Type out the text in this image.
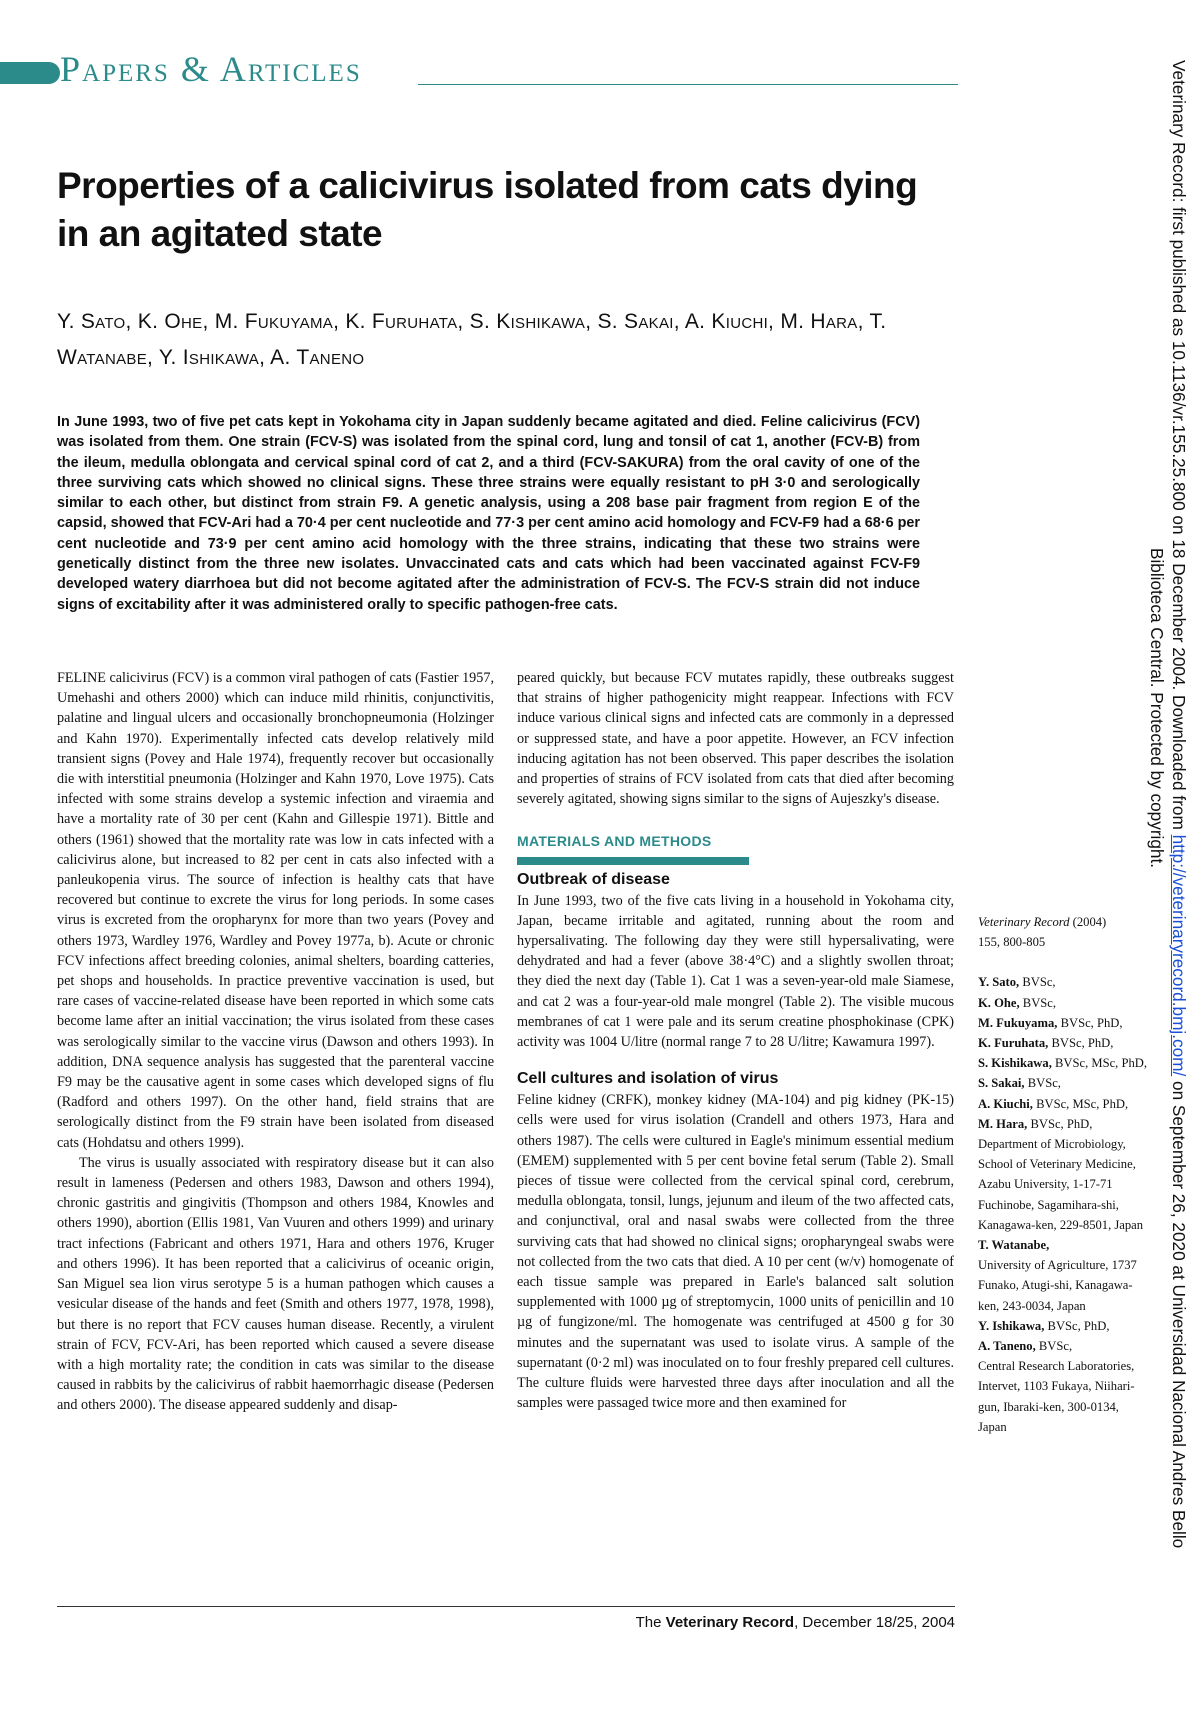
Papers & Articles
Properties of a calicivirus isolated from cats dying in an agitated state
Y. Sato, K. Ohe, M. Fukuyama, K. Furuhata, S. Kishikawa, S. Sakai, A. Kiuchi, M. Hara, T. Watanabe, Y. Ishikawa, A. Taneno
In June 1993, two of five pet cats kept in Yokohama city in Japan suddenly became agitated and died. Feline calicivirus (FCV) was isolated from them. One strain (FCV-S) was isolated from the spinal cord, lung and tonsil of cat 1, another (FCV-B) from the ileum, medulla oblongata and cervical spinal cord of cat 2, and a third (FCV-SAKURA) from the oral cavity of one of the three surviving cats which showed no clinical signs. These three strains were equally resistant to pH 3·0 and serologically similar to each other, but distinct from strain F9. A genetic analysis, using a 208 base pair fragment from region E of the capsid, showed that FCV-Ari had a 70·4 per cent nucleotide and 77·3 per cent amino acid homology and FCV-F9 had a 68·6 per cent nucleotide and 73·9 per cent amino acid homology with the three strains, indicating that these two strains were genetically distinct from the three new isolates. Unvaccinated cats and cats which had been vaccinated against FCV-F9 developed watery diarrhoea but did not become agitated after the administration of FCV-S. The FCV-S strain did not induce signs of excitability after it was administered orally to specific pathogen-free cats.

FELINE calicivirus (FCV) is a common viral pathogen of cats (Fastier 1957, Umehashi and others 2000) which can induce mild rhinitis, conjunctivitis, palatine and lingual ulcers and occasionally bronchopneumonia (Holzinger and Kahn 1970). Experimentally infected cats develop relatively mild transient signs (Povey and Hale 1974), frequently recover but occasionally die with interstitial pneumonia (Holzinger and Kahn 1970, Love 1975). Cats infected with some strains develop a systemic infection and viraemia and have a mortality rate of 30 per cent (Kahn and Gillespie 1971). Bittle and others (1961) showed that the mortality rate was low in cats infected with a calicivirus alone, but increased to 82 per cent in cats also infected with a panleukopenia virus. The source of infection is healthy cats that have recovered but continue to excrete the virus for long periods. In some cases virus is excreted from the oropharynx for more than two years (Povey and others 1973, Wardley 1976, Wardley and Povey 1977a, b). Acute or chronic FCV infections affect breeding colonies, animal shelters, boarding catteries, pet shops and households. In practice preventive vaccination is used, but rare cases of vaccine-related disease have been reported in which some cats become lame after an initial vaccination; the virus isolated from these cases was serologically similar to the vaccine virus (Dawson and others 1993). In addition, DNA sequence analysis has suggested that the parenteral vaccine F9 may be the causative agent in some cases which developed signs of flu (Radford and others 1997). On the other hand, field strains that are serologically distinct from the F9 strain have been isolated from diseased cats (Hohdatsu and others 1999).

The virus is usually associated with respiratory disease but it can also result in lameness (Pedersen and others 1983, Dawson and others 1994), chronic gastritis and gingivitis (Thompson and others 1984, Knowles and others 1990), abortion (Ellis 1981, Van Vuuren and others 1999) and urinary tract infections (Fabricant and others 1971, Hara and others 1976, Kruger and others 1996). It has been reported that a calicivirus of oceanic origin, San Miguel sea lion virus serotype 5 is a human pathogen which causes a vesicular disease of the hands and feet (Smith and others 1977, 1978, 1998), but there is no report that FCV causes human disease. Recently, a virulent strain of FCV, FCV-Ari, has been reported which caused a severe disease with a high mortality rate; the condition in cats was similar to the disease caused in rabbits by the calicivirus of rabbit haemorrhagic disease (Pedersen and others 2000). The disease appeared suddenly and disap-

peared quickly, but because FCV mutates rapidly, these outbreaks suggest that strains of higher pathogenicity might reappear. Infections with FCV induce various clinical signs and infected cats are commonly in a depressed or suppressed state, and have a poor appetite. However, an FCV infection inducing agitation has not been observed. This paper describes the isolation and properties of strains of FCV isolated from cats that died after becoming severely agitated, showing signs similar to the signs of Aujeszky's disease.

MATERIALS AND METHODS
Outbreak of disease

In June 1993, two of the five cats living in a household in Yokohama city, Japan, became irritable and agitated, running about the room and hypersalivating. The following day they were still hypersalivating, were dehydrated and had a fever (above 38·4°C) and a slightly swollen throat; they died the next day (Table 1). Cat 1 was a seven-year-old male Siamese, and cat 2 was a four-year-old male mongrel (Table 2). The visible mucous membranes of cat 1 were pale and its serum creatine phosphokinase (CPK) activity was 1004 U/litre (normal range 7 to 28 U/litre; Kawamura 1997).

Cell cultures and isolation of virus

Feline kidney (CRFK), monkey kidney (MA-104) and pig kidney (PK-15) cells were used for virus isolation (Crandell and others 1973, Hara and others 1987). The cells were cultured in Eagle's minimum essential medium (EMEM) supplemented with 5 per cent bovine fetal serum (Table 2). Small pieces of tissue were collected from the cervical spinal cord, cerebrum, medulla oblongata, tonsil, lungs, jejunum and ileum of the two affected cats, and conjunctival, oral and nasal swabs were collected from the three surviving cats that had showed no clinical signs; oropharyngeal swabs were not collected from the two cats that died. A 10 per cent (w/v) homogenate of each tissue sample was prepared in Earle's balanced salt solution supplemented with 1000 µg of streptomycin, 1000 units of penicillin and 10 µg of fungizone/ml. The homogenate was centrifuged at 4500 g for 30 minutes and the supernatant was used to isolate virus. A sample of the supernatant (0·2 ml) was inoculated on to four freshly prepared cell cultures. The culture fluids were harvested three days after inoculation and all the samples were passaged twice more and then examined for

Veterinary Record (2004)
155, 800-805
Y. Sato, BVSc,
K. Ohe, BVSc,
M. Fukuyama, BVSc, PhD,
K. Furuhata, BVSc, PhD,
S. Kishikawa, BVSc, MSc, PhD,
S. Sakai, BVSc,
A. Kiuchi, BVSc, MSc, PhD,
M. Hara, BVSc, PhD,
Department of Microbiology, School of Veterinary Medicine, Azabu University, 1-17-71 Fuchinobe, Sagamihara-shi, Kanagawa-ken, 229-8501, Japan
T. Watanabe,
University of Agriculture, 1737 Funako, Atugi-shi, Kanagawa-ken, 243-0034, Japan
Y. Ishikawa, BVSc, PhD,
A. Taneno, BVSc,
Central Research Laboratories, Intervet, 1103 Fukaya, Niihari-gun, Ibaraki-ken, 300-0134, Japan
The Veterinary Record, December 18/25, 2004
Veterinary Record: first published as 10.1136/vr.155.25.800 on 18 December 2004. Downloaded from http://veterinaryrecord.bmj.com/ on September 26, 2020 at Universidad Nacional Andres Bello
Biblioteca Central. Protected by copyright.
